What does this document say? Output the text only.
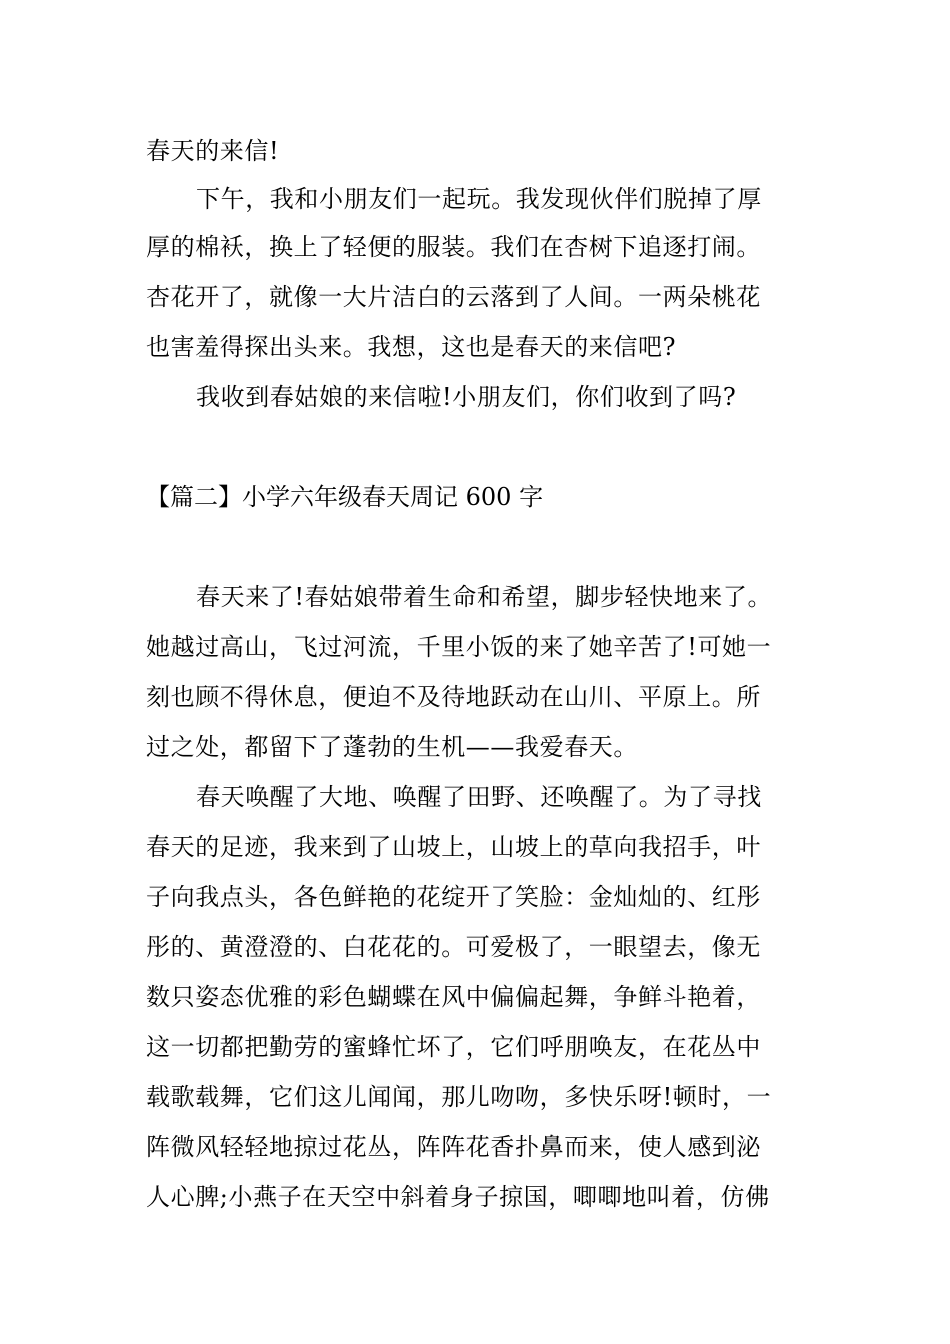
春天的来信!
下午，我和小朋友们一起玩。我发现伙伴们脱掉了厚
厚的棉袄，换上了轻便的服装。我们在杏树下追逐打闹。
杏花开了，就像一大片洁白的云落到了人间。一两朵桃花
也害羞得探出头来。我想，这也是春天的来信吧?
我收到春姑娘的来信啦!小朋友们，你们收到了吗?
【篇二】小学六年级春天周记 600 字
春天来了!春姑娘带着生命和希望，脚步轻快地来了。
她越过高山，飞过河流，千里小饭的来了她辛苦了!可她一
刻也顾不得休息，便迫不及待地跃动在山川、平原上。所
过之处，都留下了蓬勃的生机——我爱春天。
春天唤醒了大地、唤醒了田野、还唤醒了。为了寻找
春天的足迹，我来到了山坡上，山坡上的草向我招手，叶
子向我点头，各色鲜艳的花绽开了笑脸：金灿灿的、红彤
彤的、黄澄澄的、白花花的。可爱极了，一眼望去，像无
数只姿态优雅的彩色蝴蝶在风中偏偏起舞，争鲜斗艳着，
这一切都把勤劳的蜜蜂忙坏了，它们呼朋唤友，在花丛中
载歌载舞，它们这儿闻闻，那儿吻吻，多快乐呀!顿时，一
阵微风轻轻地掠过花丛，阵阵花香扑鼻而来，使人感到泌
人心脾;小燕子在天空中斜着身子掠国，唧唧地叫着，仿佛
